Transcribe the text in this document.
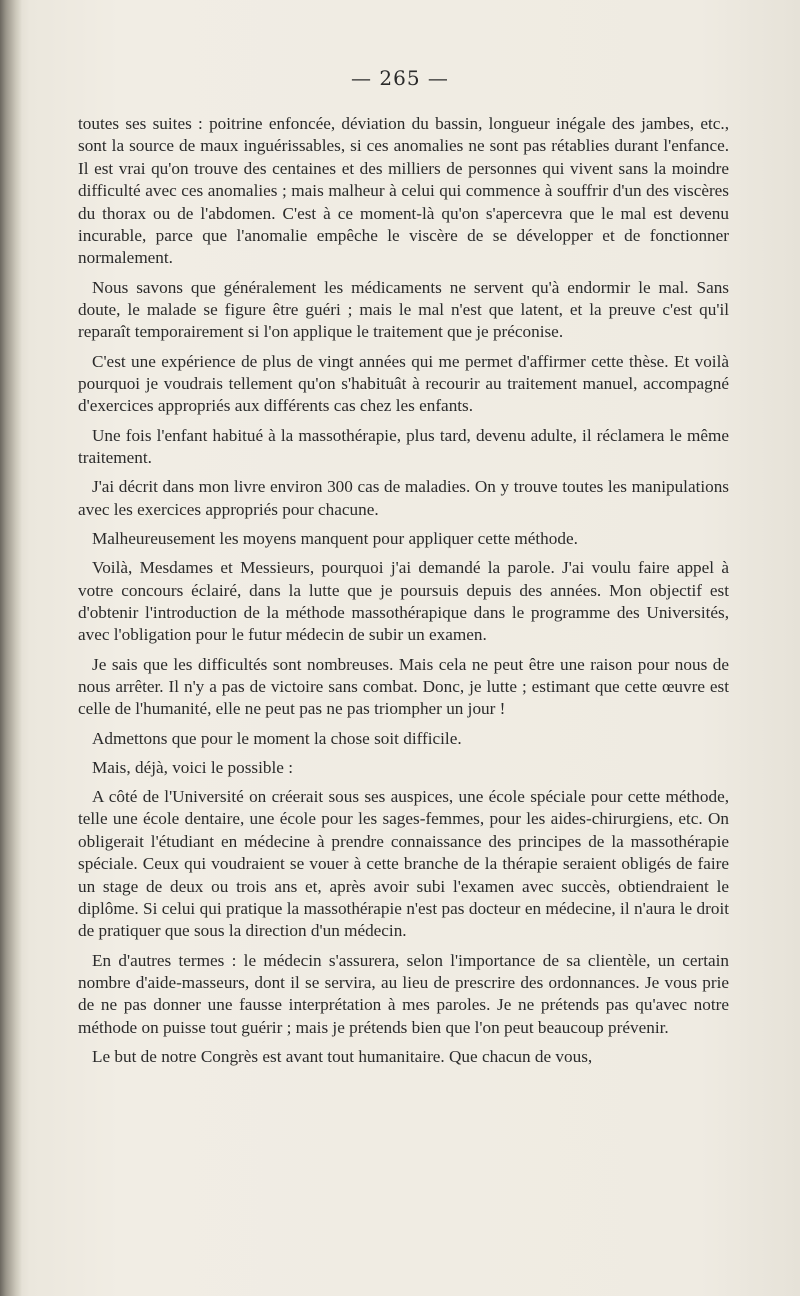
— 265 —

toutes ses suites : poitrine enfoncée, déviation du bassin, longueur inégale des jambes, etc., sont la source de maux inguérissables, si ces anomalies ne sont pas rétablies durant l'enfance. Il est vrai qu'on trouve des centaines et des milliers de personnes qui vivent sans la moindre difficulté avec ces anomalies ; mais malheur à celui qui commence à souffrir d'un des viscères du thorax ou de l'abdomen. C'est à ce moment-là qu'on s'apercevra que le mal est devenu incurable, parce que l'anomalie empêche le viscère de se développer et de fonctionner normalement.

Nous savons que généralement les médicaments ne servent qu'à endormir le mal. Sans doute, le malade se figure être guéri ; mais le mal n'est que latent, et la preuve c'est qu'il reparaît temporairement si l'on applique le traitement que je préconise.

C'est une expérience de plus de vingt années qui me permet d'affirmer cette thèse. Et voilà pourquoi je voudrais tellement qu'on s'habituât à recourir au traitement manuel, accompagné d'exercices appropriés aux différents cas chez les enfants.

Une fois l'enfant habitué à la massothérapie, plus tard, devenu adulte, il réclamera le même traitement.

J'ai décrit dans mon livre environ 300 cas de maladies. On y trouve toutes les manipulations avec les exercices appropriés pour chacune.

Malheureusement les moyens manquent pour appliquer cette méthode.

Voilà, Mesdames et Messieurs, pourquoi j'ai demandé la parole. J'ai voulu faire appel à votre concours éclairé, dans la lutte que je poursuis depuis des années. Mon objectif est d'obtenir l'introduction de la méthode massothérapique dans le programme des Universités, avec l'obligation pour le futur médecin de subir un examen.

Je sais que les difficultés sont nombreuses. Mais cela ne peut être une raison pour nous de nous arrêter. Il n'y a pas de victoire sans combat. Donc, je lutte ; estimant que cette œuvre est celle de l'humanité, elle ne peut pas ne pas triompher un jour !

Admettons que pour le moment la chose soit difficile.

Mais, déjà, voici le possible :

A côté de l'Université on créerait sous ses auspices, une école spéciale pour cette méthode, telle une école dentaire, une école pour les sages-femmes, pour les aides-chirurgiens, etc. On obligerait l'étudiant en médecine à prendre connaissance des principes de la massothérapie spéciale. Ceux qui voudraient se vouer à cette branche de la thérapie seraient obligés de faire un stage de deux ou trois ans et, après avoir subi l'examen avec succès, obtiendraient le diplôme. Si celui qui pratique la massothérapie n'est pas docteur en médecine, il n'aura le droit de pratiquer que sous la direction d'un médecin.

En d'autres termes : le médecin s'assurera, selon l'importance de sa clientèle, un certain nombre d'aide-masseurs, dont il se servira, au lieu de prescrire des ordonnances. Je vous prie de ne pas donner une fausse interprétation à mes paroles. Je ne prétends pas qu'avec notre méthode on puisse tout guérir ; mais je prétends bien que l'on peut beaucoup prévenir.

Le but de notre Congrès est avant tout humanitaire. Que chacun de vous,
